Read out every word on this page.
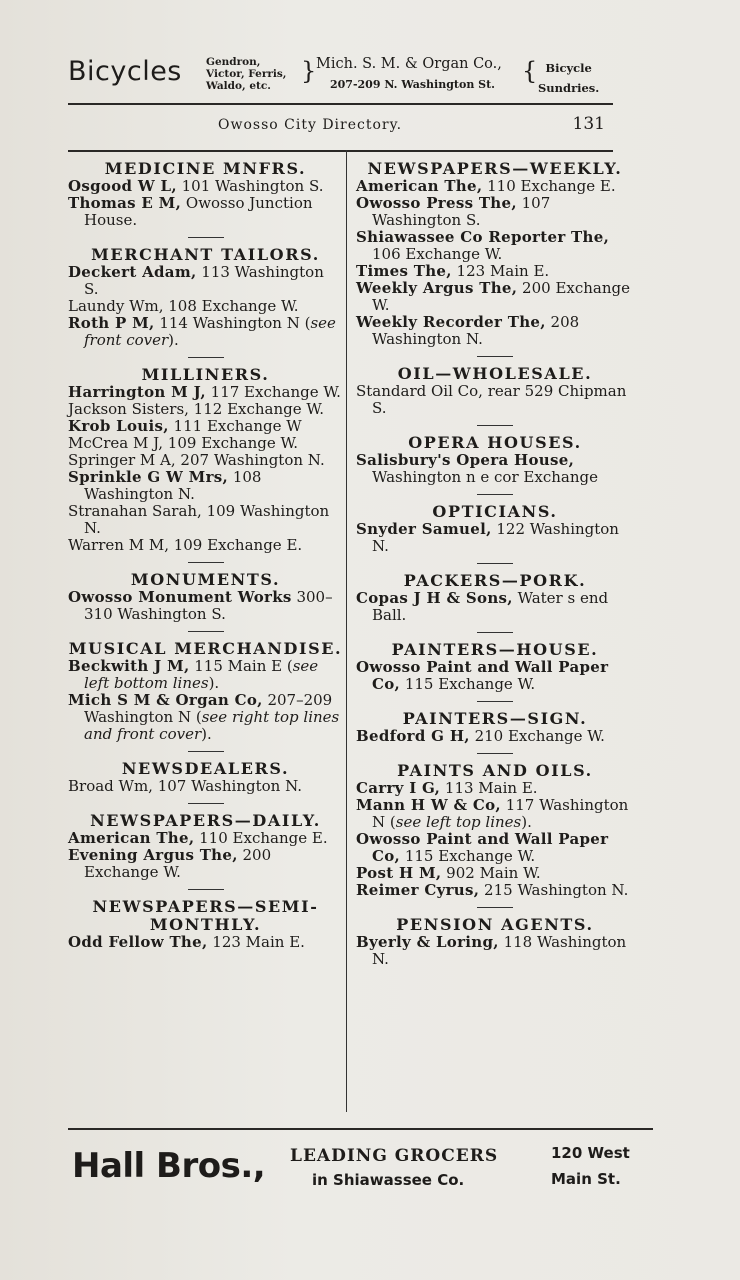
Bicycles Gendron,
Victor, Ferris,
Waldo, etc.
} Mich. S. M. & Organ Co.,
207-209 N. Washington St. { Bicycle
Sundries.
Owosso City Directory.	131

MEDICINE MNFRS.

Osgood W L, 101 Washington S.

Thomas E M, Owosso Junction House.

MERCHANT TAILORS.

Deckert Adam, 113 Washington S.

Laundy Wm, 108 Exchange W.

Roth P M, 114 Washington N (see front cover).

MILLINERS.

Harrington M J, 117 Exchange W.

Jackson Sisters, 112 Exchange W.

Krob Louis, 111 Exchange W

McCrea M J, 109 Exchange W.

Springer M A, 207 Washington N.

Sprinkle G W Mrs, 108 Washington N.

Stranahan Sarah, 109 Washington N.

Warren M M, 109 Exchange E.

MONUMENTS.

Owosso Monument Works 300–310 Washington S.

MUSICAL MERCHANDISE.

Beckwith J M, 115 Main E (see left bottom lines).

Mich S M & Organ Co, 207–209 Washington N (see right top lines and front cover).

NEWSDEALERS.

Broad Wm, 107 Washington N.

NEWSPAPERS—DAILY.

American The, 110 Exchange E.

Evening Argus The, 200 Exchange W.

NEWSPAPERS—SEMI-MONTHLY.

Odd Fellow The, 123 Main E.

NEWSPAPERS—WEEKLY.

American The, 110 Exchange E.

Owosso Press The, 107 Washington S.

Shiawassee Co Reporter The, 106 Exchange W.

Times The, 123 Main E.

Weekly Argus The, 200 Exchange W.

Weekly Recorder The, 208 Washington N.

OIL—WHOLESALE.

Standard Oil Co, rear 529 Chipman S.

OPERA HOUSES.

Salisbury's Opera House, Washington n e cor Exchange

OPTICIANS.

Snyder Samuel, 122 Washington N.

PACKERS—PORK.

Copas J H & Sons, Water s end Ball.

PAINTERS—HOUSE.

Owosso Paint and Wall Paper Co, 115 Exchange W.

PAINTERS—SIGN.

Bedford G H, 210 Exchange W.

PAINTS AND OILS.

Carry I G, 113 Main E.

Mann H W & Co, 117 Washington N (see left top lines).

Owosso Paint and Wall Paper Co, 115 Exchange W.

Post H M, 902 Main W.

Reimer Cyrus, 215 Washington N.

PENSION AGENTS.

Byerly & Loring, 118 Washington N.

Hall Bros., LEADING GROCERS
in Shiawassee Co.
120 West
Main St.
